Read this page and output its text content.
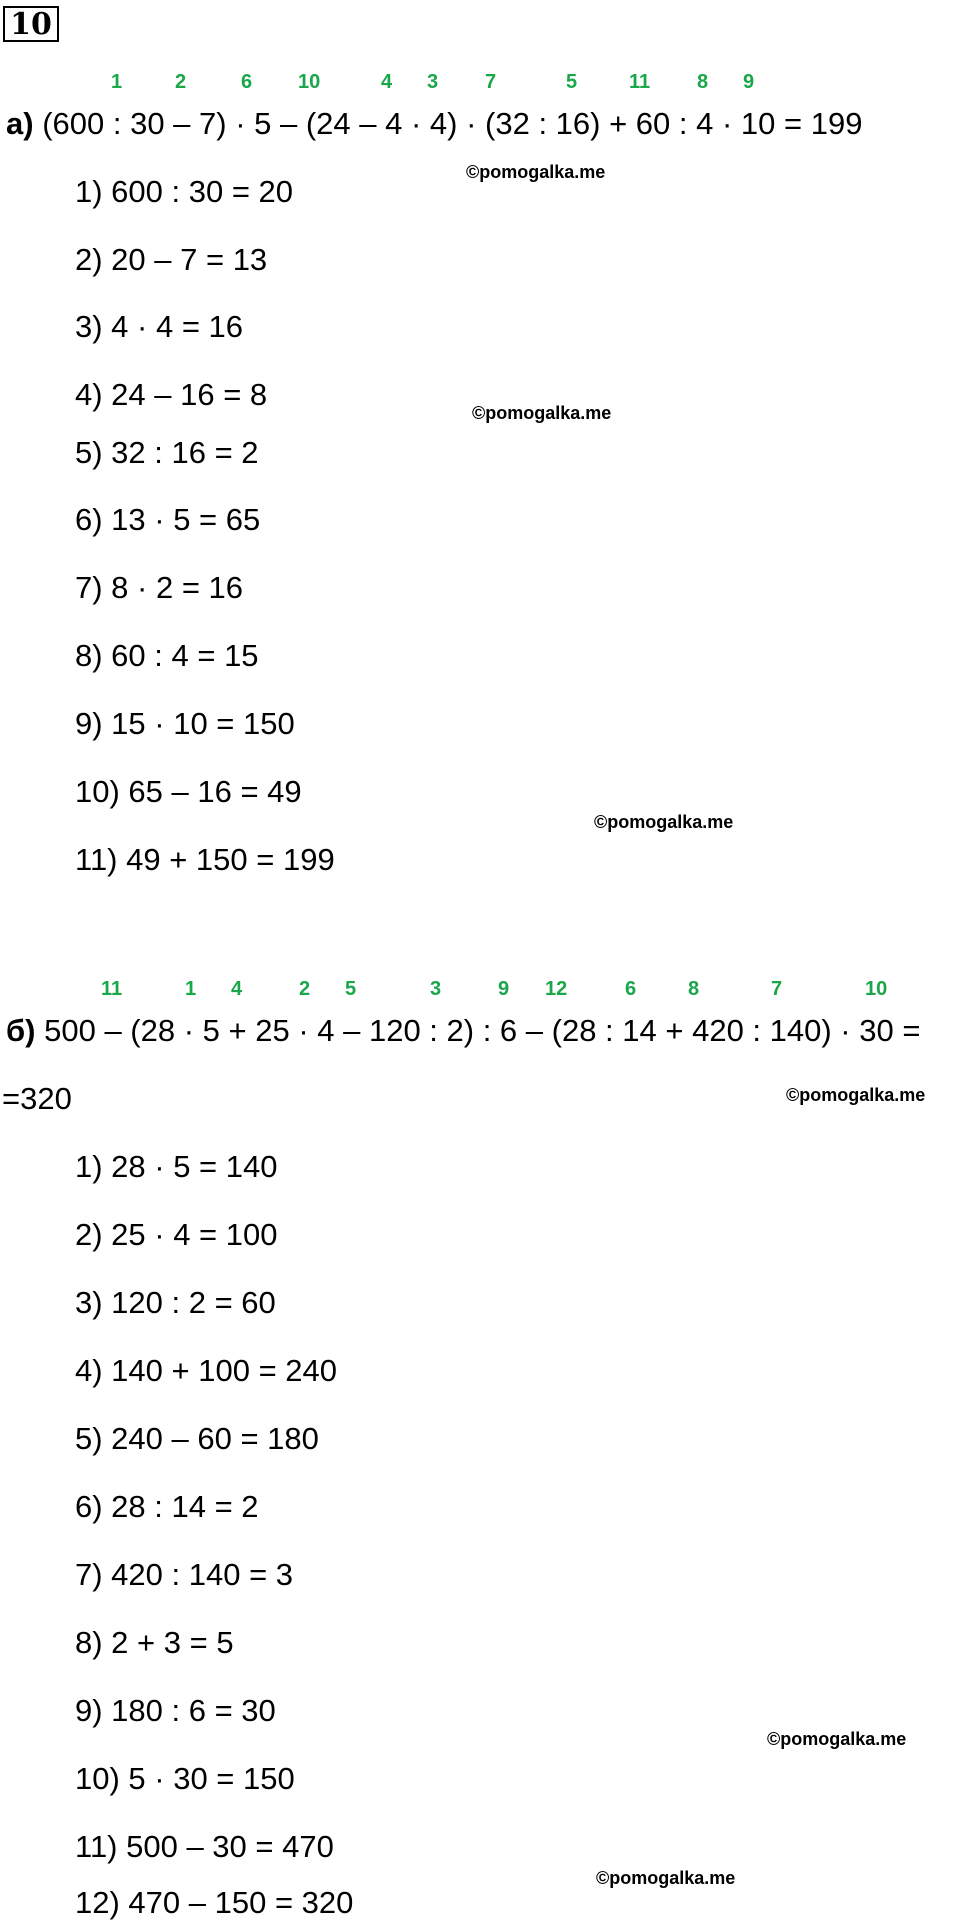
10
1	2	6 10	4 3 7	5	11 8 9
а) (600 : 30 – 7) · 5 – (24 – 4 · 4) · (32 : 16) + 60 : 4 · 10 = 199
©pomogalka.me
1) 600 : 30 = 20
2) 20 – 7 = 13
3) 4 · 4 = 16
4) 24 – 16 = 8
©pomogalka.me
5) 32 : 16 = 2
6) 13 · 5 = 65
7) 8 · 2 = 16
8) 60 : 4 = 15
9) 15 · 10 = 150
10) 65 – 16 = 49
©pomogalka.me
11) 49 + 150 = 199
11	1 4	2 5	3	9 12	6	8	7	10
б) 500 – (28 · 5 + 25 · 4 – 120 : 2) : 6 – (28 : 14 + 420 : 140) · 30 =
=320	©pomogalka.me
1) 28 · 5 = 140
2) 25 · 4 = 100
3) 120 : 2 = 60
4) 140 + 100 = 240
5) 240 – 60 = 180
6) 28 : 14 = 2
7) 420 : 140 = 3
8) 2 + 3 = 5
9) 180 : 6 = 30
©pomogalka.me
10) 5 · 30 = 150
11) 500 – 30 = 470
©pomogalka.me
12) 470 – 150 = 320
